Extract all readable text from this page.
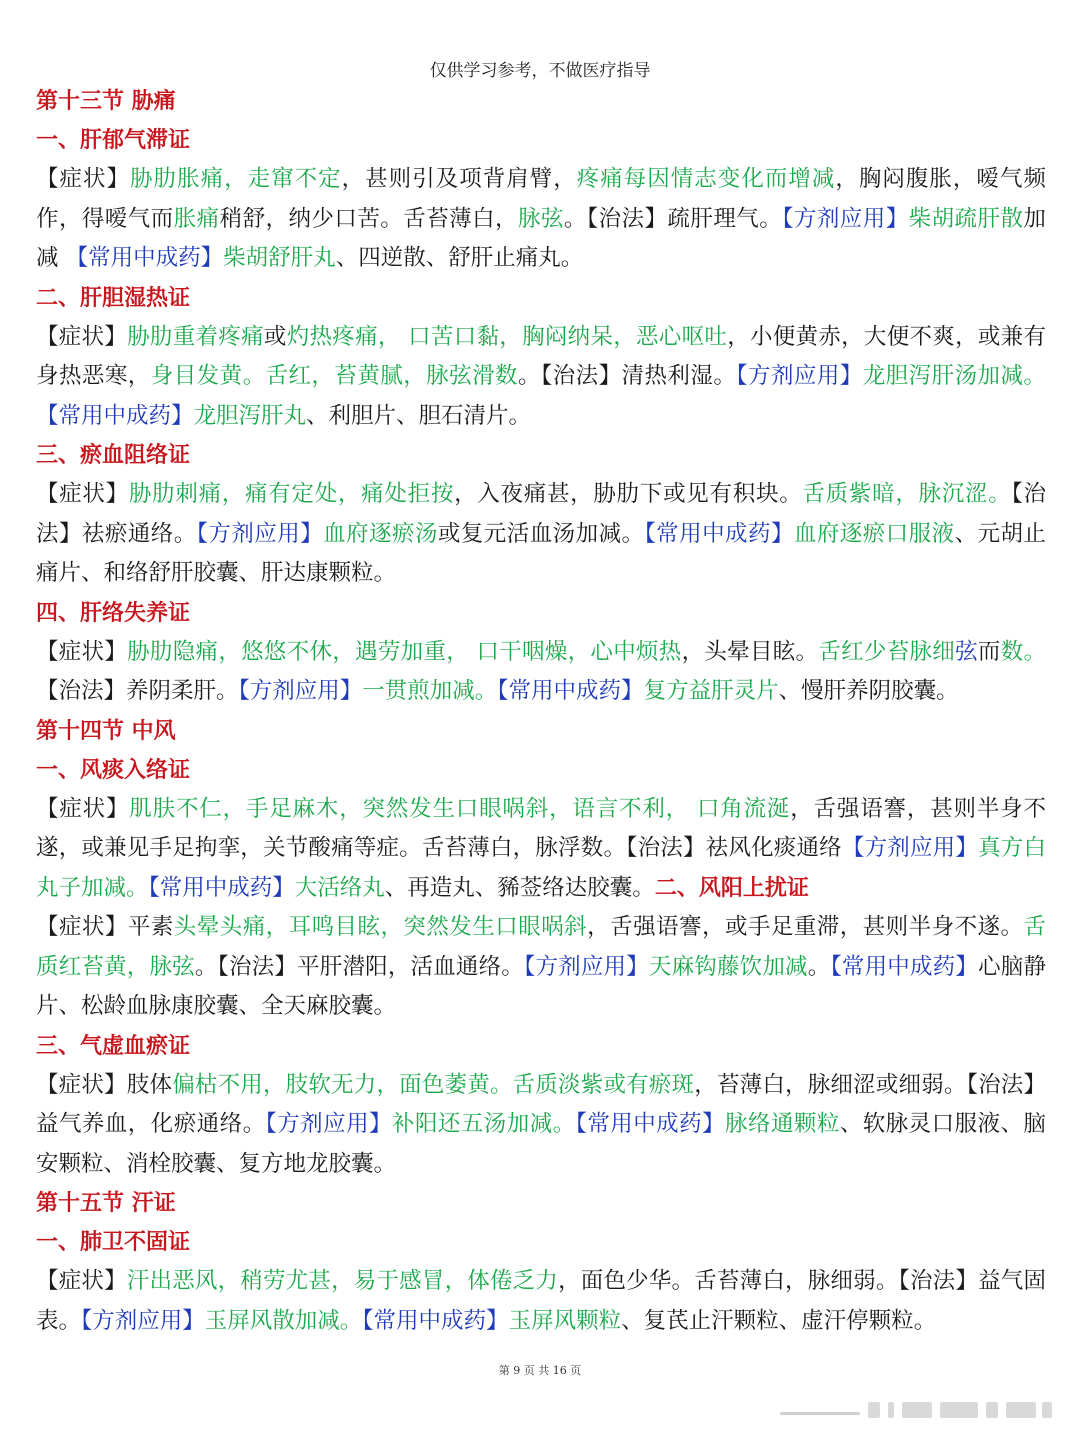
仅供学习参考，不做医疗指导
第十三节 胁痛
一、肝郁气滞证
【症状】胁肋胀痛，走窜不定，甚则引及项背肩臂，疼痛每因情志变化而增减，胸闷腹胀，嗳气频作，得嗳气而胀痛稍舒，纳少口苦。舌苔薄白，脉弦。【治法】疏肝理气。【方剂应用】柴胡疏肝散加减 【常用中成药】柴胡舒肝丸、四逆散、舒肝止痛丸。
二、肝胆湿热证
【症状】胁肋重着疼痛或灼热疼痛， 口苦口黏，胸闷纳呆，恶心呕吐，小便黄赤，大便不爽，或兼有身热恶寒，身目发黄。舌红，苔黄腻，脉弦滑数。【治法】清热利湿。【方剂应用】龙胆泻肝汤加减。【常用中成药】龙胆泻肝丸、利胆片、胆石清片。
三、瘀血阻络证
【症状】胁肋刺痛，痛有定处，痛处拒按，入夜痛甚，胁肋下或见有积块。舌质紫暗，脉沉涩。【治法】祛瘀通络。【方剂应用】血府逐瘀汤或复元活血汤加减。【常用中成药】血府逐瘀口服液、元胡止痛片、和络舒肝胶囊、肝达康颗粒。
四、肝络失养证
【症状】胁肋隐痛，悠悠不休，遇劳加重， 口干咽燥，心中烦热，头晕目眩。舌红少苔脉细弦而数。【治法】养阴柔肝。【方剂应用】一贯煎加减。【常用中成药】复方益肝灵片、慢肝养阴胶囊。
第十四节 中风
一、风痰入络证
【症状】肌肤不仁，手足麻木，突然发生口眼㖞斜，语言不利， 口角流涎，舌强语謇，甚则半身不遂，或兼见手足拘挛，关节酸痛等症。舌苔薄白，脉浮数。【治法】祛风化痰通络【方剂应用】真方白丸子加减。【常用中成药】大活络丸、再造丸、豨莶络达胶囊。二、风阳上扰证
【症状】平素头晕头痛，耳鸣目眩，突然发生口眼㖞斜，舌强语謇，或手足重滞，甚则半身不遂。舌质红苔黄，脉弦。【治法】平肝潜阳，活血通络。【方剂应用】天麻钩藤饮加减。【常用中成药】心脑静片、松龄血脉康胶囊、全天麻胶囊。
三、气虚血瘀证
【症状】肢体偏枯不用，肢软无力，面色萎黄。舌质淡紫或有瘀斑，苔薄白，脉细涩或细弱。【治法】益气养血，化瘀通络。【方剂应用】补阳还五汤加减。【常用中成药】脉络通颗粒、软脉灵口服液、脑安颗粒、消栓胶囊、复方地龙胶囊。
第十五节 汗证
一、肺卫不固证
【症状】汗出恶风，稍劳尤甚，易于感冒，体倦乏力，面色少华。舌苔薄白，脉细弱。【治法】益气固表。【方剂应用】玉屏风散加减。【常用中成药】玉屏风颗粒、复芪止汗颗粒、虚汗停颗粒。
第 9 页 共 16 页
